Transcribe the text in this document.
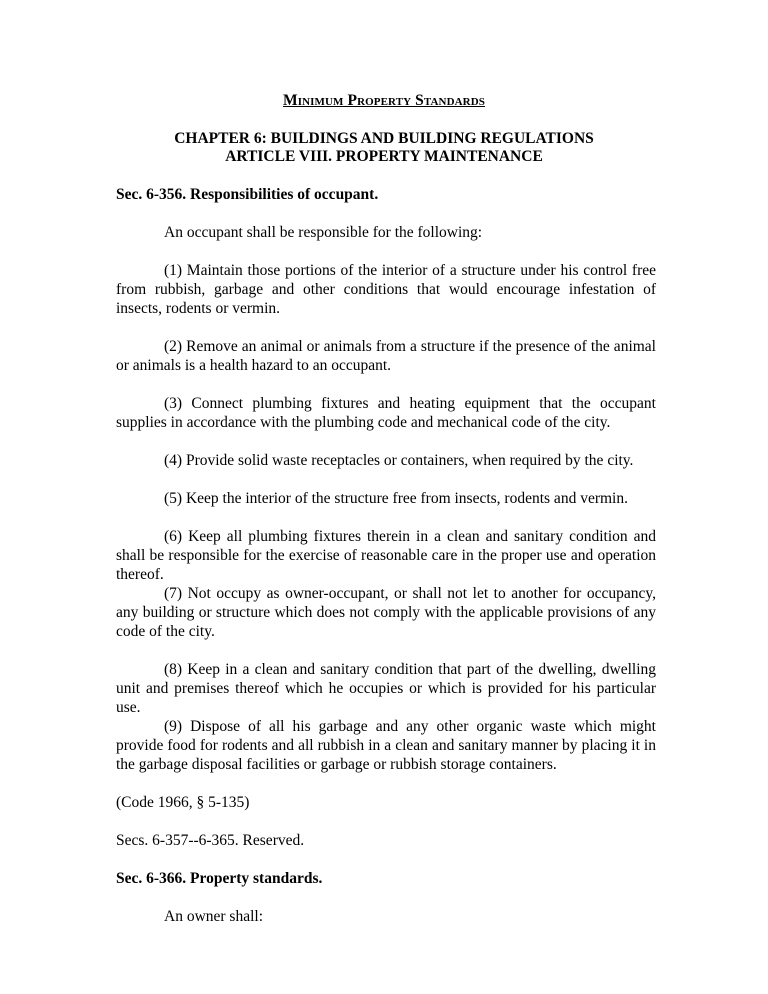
Minimum Property Standards
CHAPTER 6: BUILDINGS AND BUILDING REGULATIONS
ARTICLE VIII. PROPERTY MAINTENANCE

Sec. 6-356. Responsibilities of occupant.

An occupant shall be responsible for the following:

(1) Maintain those portions of the interior of a structure under his control free from rubbish, garbage and other conditions that would encourage infestation of insects, rodents or vermin.

(2) Remove an animal or animals from a structure if the presence of the animal or animals is a health hazard to an occupant.

(3) Connect plumbing fixtures and heating equipment that the occupant supplies in accordance with the plumbing code and mechanical code of the city.

(4) Provide solid waste receptacles or containers, when required by the city.

(5) Keep the interior of the structure free from insects, rodents and vermin.

(6) Keep all plumbing fixtures therein in a clean and sanitary condition and shall be responsible for the exercise of reasonable care in the proper use and operation thereof.

(7) Not occupy as owner-occupant, or shall not let to another for occupancy, any building or structure which does not comply with the applicable provisions of any code of the city.

(8) Keep in a clean and sanitary condition that part of the dwelling, dwelling unit and premises thereof which he occupies or which is provided for his particular use.

(9) Dispose of all his garbage and any other organic waste which might provide food for rodents and all rubbish in a clean and sanitary manner by placing it in the garbage disposal facilities or garbage or rubbish storage containers.

(Code 1966, § 5-135)

Secs. 6-357--6-365. Reserved.

Sec. 6-366. Property standards.

An owner shall:
